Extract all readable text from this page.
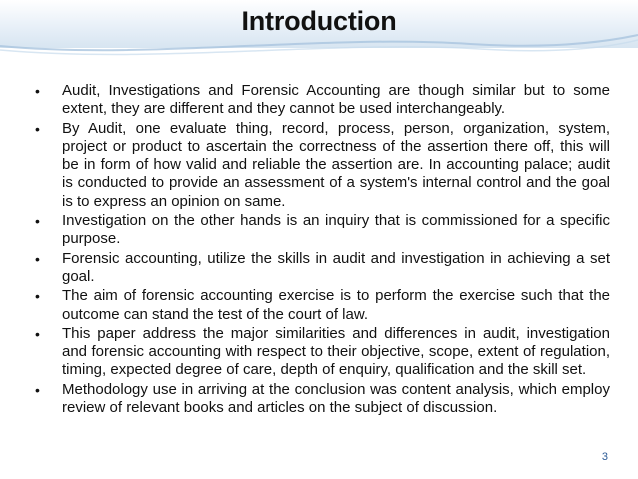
Introduction
•	Audit, Investigations and Forensic Accounting are though similar but to some extent, they are different and they cannot be used interchangeably.
•	By Audit, one evaluate thing, record, process, person, organization, system, project or product to ascertain the correctness of the assertion there off, this will be in form of how valid and reliable the assertion are. In accounting palace; audit is conducted to provide an assessment of a system's internal control and the goal is to express an opinion on same.
•	Investigation on the other hands is an inquiry that is commissioned for a specific purpose.
•	Forensic accounting, utilize the skills in audit and investigation in achieving a set goal.
•	The aim of forensic accounting exercise is to perform the exercise such that the outcome can stand the test of the court of law.
•	This paper address the major similarities and differences in audit, investigation and forensic accounting with respect to their objective, scope, extent of regulation, timing, expected degree of care, depth of enquiry, qualification and the skill set.
•	Methodology use in arriving at the conclusion was content analysis, which employ review of relevant books and articles on the subject of discussion.
3
